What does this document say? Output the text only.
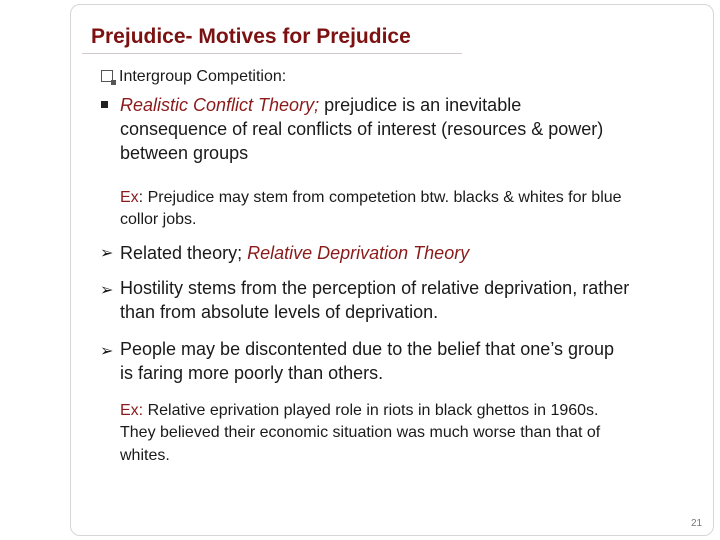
Prejudice- Motives for Prejudice

Intergroup Competition:

Realistic Conflict Theory; prejudice is an inevitable
consequence of real conflicts of interest (resources & power)
between groups

Ex: Prejudice may stem from competetion btw. blacks & whites for blue
collor jobs.

➢ Related theory; Relative Deprivation Theory

➢ Hostility stems from the perception of relative deprivation, rather
than from absolute levels of deprivation.

➢ People may be discontented due to the belief that one’s group
is faring more poorly than others.

Ex: Relative eprivation played role in riots in black ghettos in 1960s.
They believed their economic situation was much worse than that of
whites.

21
